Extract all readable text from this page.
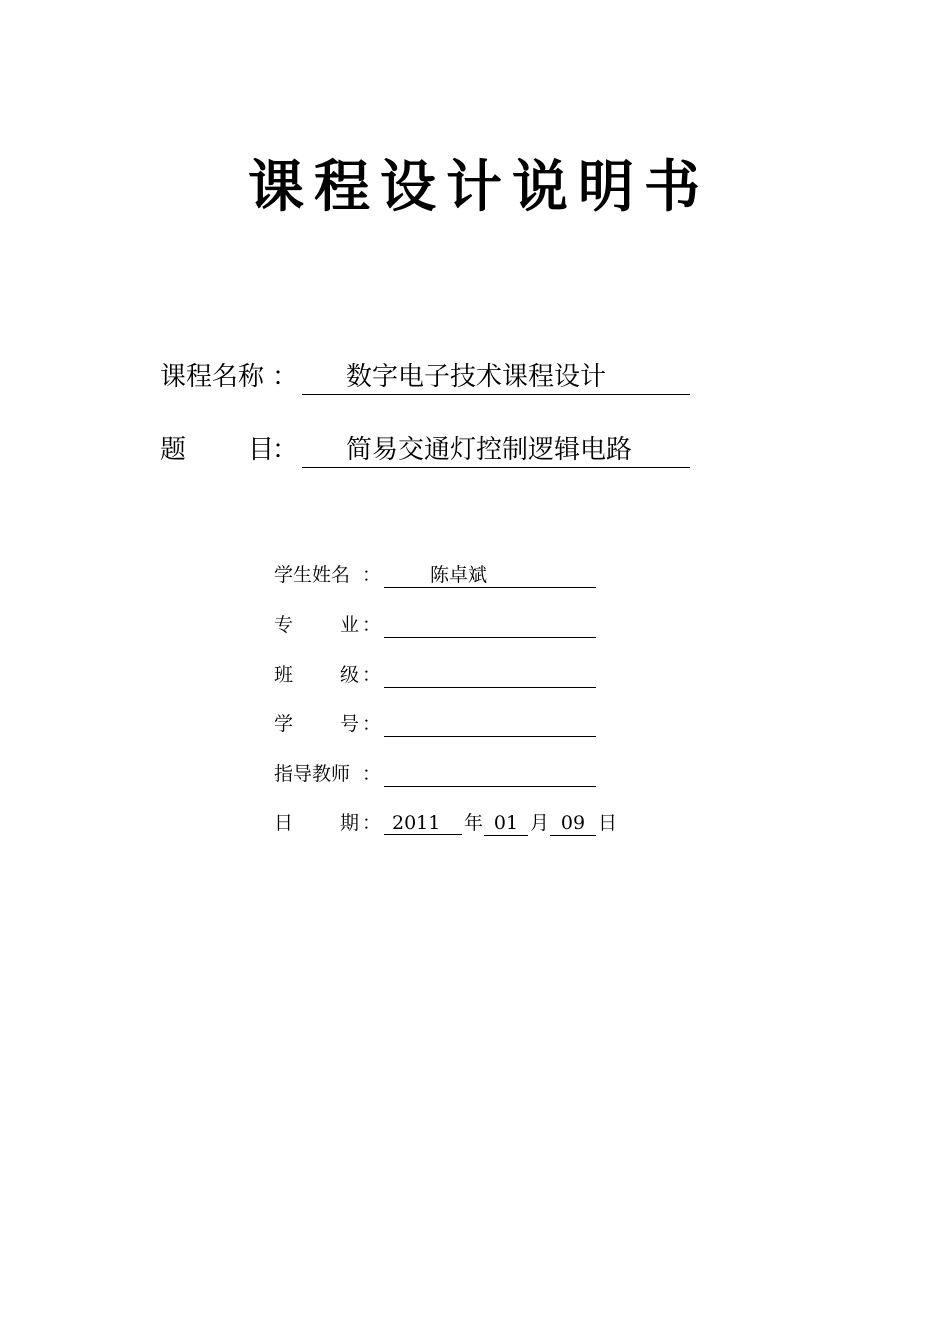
课程设计说明书
课程名称 ： 数字电子技术课程设计
题 目
： 简易交通灯控制逻辑电路
学生姓名 ：	陈卓斌
专 业 ：
班 级 ：
学 号 ：
指导教师 ：
日 期 ： 2011	年 01 月 09 日
